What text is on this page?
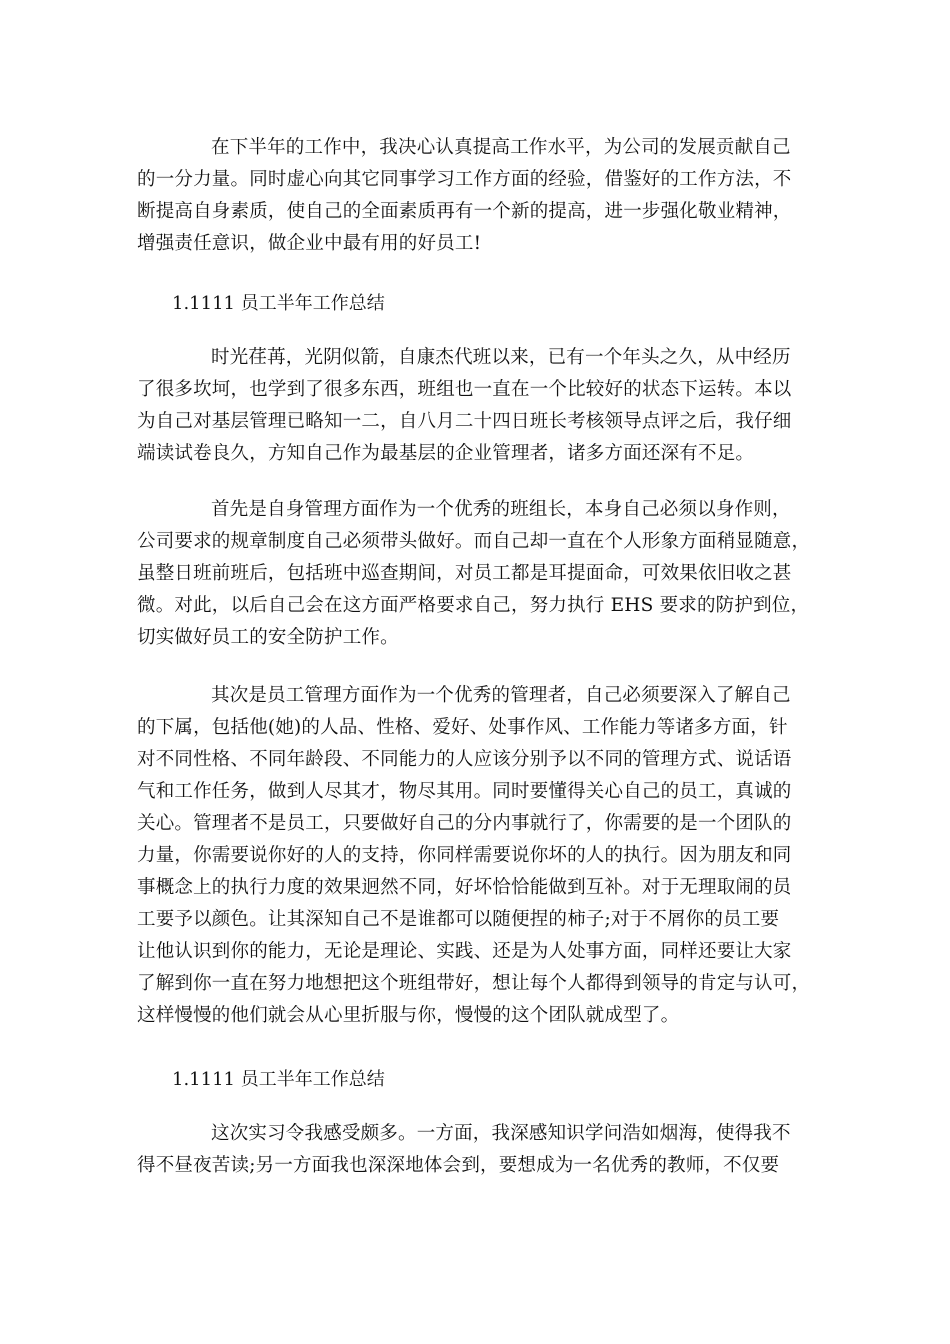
在下半年的工作中，我决心认真提高工作水平，为公司的发展贡献自己
的一分力量。同时虚心向其它同事学习工作方面的经验，借鉴好的工作方法，不
断提高自身素质，使自己的全面素质再有一个新的提高，进一步强化敬业精神，
增强责任意识，做企业中最有用的好员工!

1.1111 员工半年工作总结

时光荏苒，光阴似箭，自康杰代班以来，已有一个年头之久，从中经历
了很多坎坷，也学到了很多东西，班组也一直在一个比较好的状态下运转。本以
为自己对基层管理已略知一二，自八月二十四日班长考核领导点评之后，我仔细
端读试卷良久，方知自己作为最基层的企业管理者，诸多方面还深有不足。

首先是自身管理方面作为一个优秀的班组长，本身自己必须以身作则，
公司要求的规章制度自己必须带头做好。而自己却一直在个人形象方面稍显随意，
虽整日班前班后，包括班中巡查期间，对员工都是耳提面命，可效果依旧收之甚
微。对此，以后自己会在这方面严格要求自己，努力执行 EHS 要求的防护到位，
切实做好员工的安全防护工作。

其次是员工管理方面作为一个优秀的管理者，自己必须要深入了解自己
的下属，包括他(她)的人品、性格、爱好、处事作风、工作能力等诸多方面，针
对不同性格、不同年龄段、不同能力的人应该分别予以不同的管理方式、说话语
气和工作任务，做到人尽其才，物尽其用。同时要懂得关心自己的员工，真诚的
关心。管理者不是员工，只要做好自己的分内事就行了，你需要的是一个团队的
力量，你需要说你好的人的支持，你同样需要说你坏的人的执行。因为朋友和同
事概念上的执行力度的效果迥然不同，好坏恰恰能做到互补。对于无理取闹的员
工要予以颜色。让其深知自己不是谁都可以随便捏的柿子;对于不屑你的员工要
让他认识到你的能力，无论是理论、实践、还是为人处事方面，同样还要让大家
了解到你一直在努力地想把这个班组带好，想让每个人都得到领导的肯定与认可，
这样慢慢的他们就会从心里折服与你，慢慢的这个团队就成型了。

1.1111 员工半年工作总结

这次实习令我感受颇多。一方面，我深感知识学问浩如烟海，使得我不
得不昼夜苦读;另一方面我也深深地体会到，要想成为一名优秀的教师，不仅要
